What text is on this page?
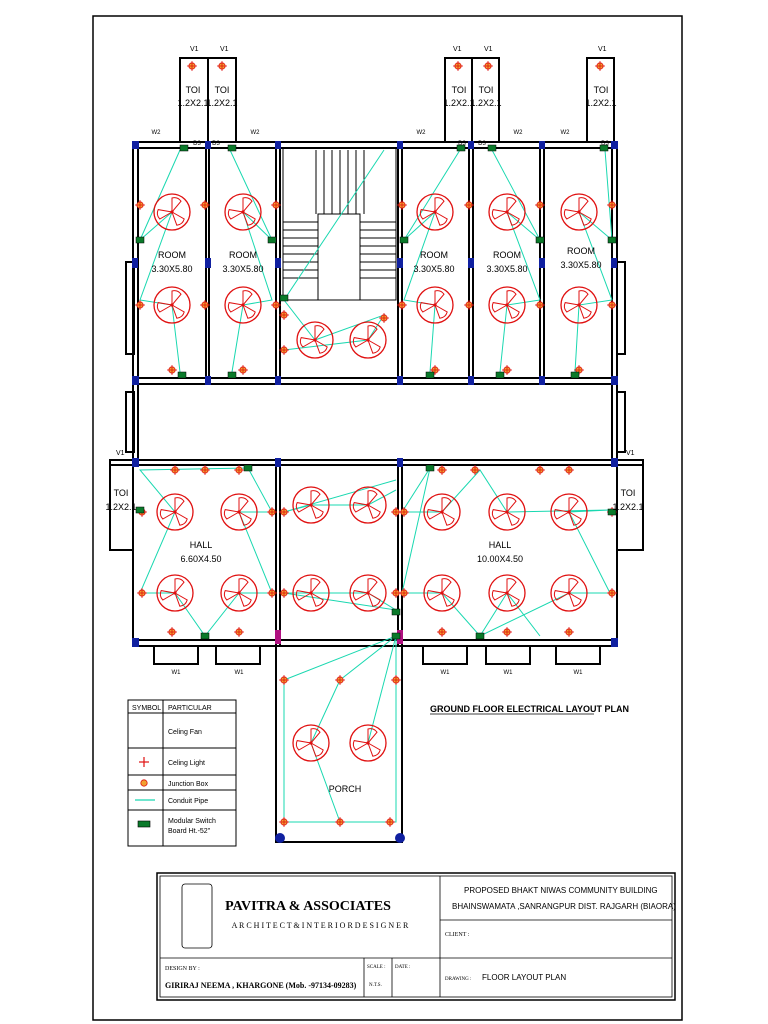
V1	V1	V1	V1	V1
V1	V1
TOI
1.2X2.1
TOI
1.2X2.1
TOI
1.2X2.1
TOI
1.2X2.1
TOI
1.2X2.1
TOI
1.2X2.1
TOI
1.2X2.1
W2	W2	W2	W2	W2
D3 D3	D3 D3	D3
W1	W1	W1	W1	W1
ROOM
3.30X5.80
ROOM
3.30X5.80
ROOM
3.30X5.80
ROOM
3.30X5.80
ROOM
3.30X5.80
HALL
6.60X4.50
HALL
10.00X4.50
PORCH
GROUND FLOOR ELECTRICAL LAYOUT PLAN
SYMBOL PARTICULAR
Celing Fan
Celing Light
Junction Box
Conduit Pipe
Modular Switch
Board Ht.-52"
PAVITRA & ASSOCIATES
A R C H I T E C T & I N T E R I O R D E S I G N E R
PROPOSED BHAKT NIWAS COMMUNITY BUILDING
BHAINSWAMATA ,SANRANGPUR DIST. RAJGARH (BIAORA)
CLIENT :
DESIGN BY :
GIRIRAJ NEEMA , KHARGONE (Mob. -97134-09283)
SCALE :
N.T.S.
DATE :
DRAWING : FLOOR LAYOUT PLAN
